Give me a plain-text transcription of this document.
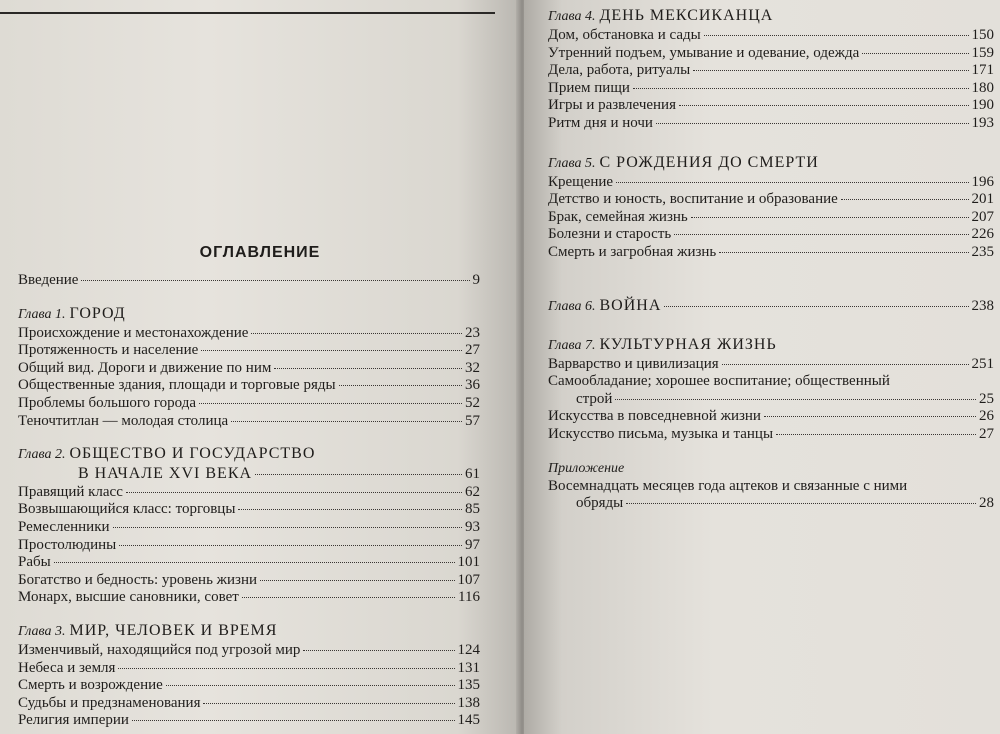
ОГЛАВЛЕНИЕ
Введение	9
Глава 1. ГОРОД
Происхождение и местонахождение	23
Протяженность и население	27
Общий вид. Дороги и движение по ним	32
Общественные здания, площади и торговые ряды	36
Проблемы большого города	52
Теночтитлан — молодая столица	57
Глава 2. ОБЩЕСТВО И ГОСУДАРСТВО
В НАЧАЛЕ XVI ВЕКА	61
Правящий класс	62
Возвышающийся класс: торговцы	85
Ремесленники	93
Простолюдины	97
Рабы	101
Богатство и бедность: уровень жизни	107
Монарх, высшие сановники, совет	116
Глава 3. МИР, ЧЕЛОВЕК И ВРЕМЯ
Изменчивый, находящийся под угрозой мир	124
Небеса и земля	131
Смерть и возрождение	135
Судьбы и предзнаменования	138
Религия империи	145
Глава 4. ДЕНЬ МЕКСИКАНЦА
Дом, обстановка и сады	150
Утренний подъем, умывание и одевание, одежда	159
Дела, работа, ритуалы	171
Прием пищи	180
Игры и развлечения	190
Ритм дня и ночи	193
Глава 5. С РОЖДЕНИЯ ДО СМЕРТИ
Крещение	196
Детство и юность, воспитание и образование	201
Брак, семейная жизнь	207
Болезни и старость	226
Смерть и загробная жизнь	235
Глава 6. ВОЙНА	238
Глава 7. КУЛЬТУРНАЯ ЖИЗНЬ
Варварство и цивилизация	251
Самообладание; хорошее воспитание; общественный
строй	25
Искусства в повседневной жизни	26
Искусство письма, музыка и танцы	27
Приложение
Восемнадцать месяцев года ацтеков и связанные с ними
обряды	28
